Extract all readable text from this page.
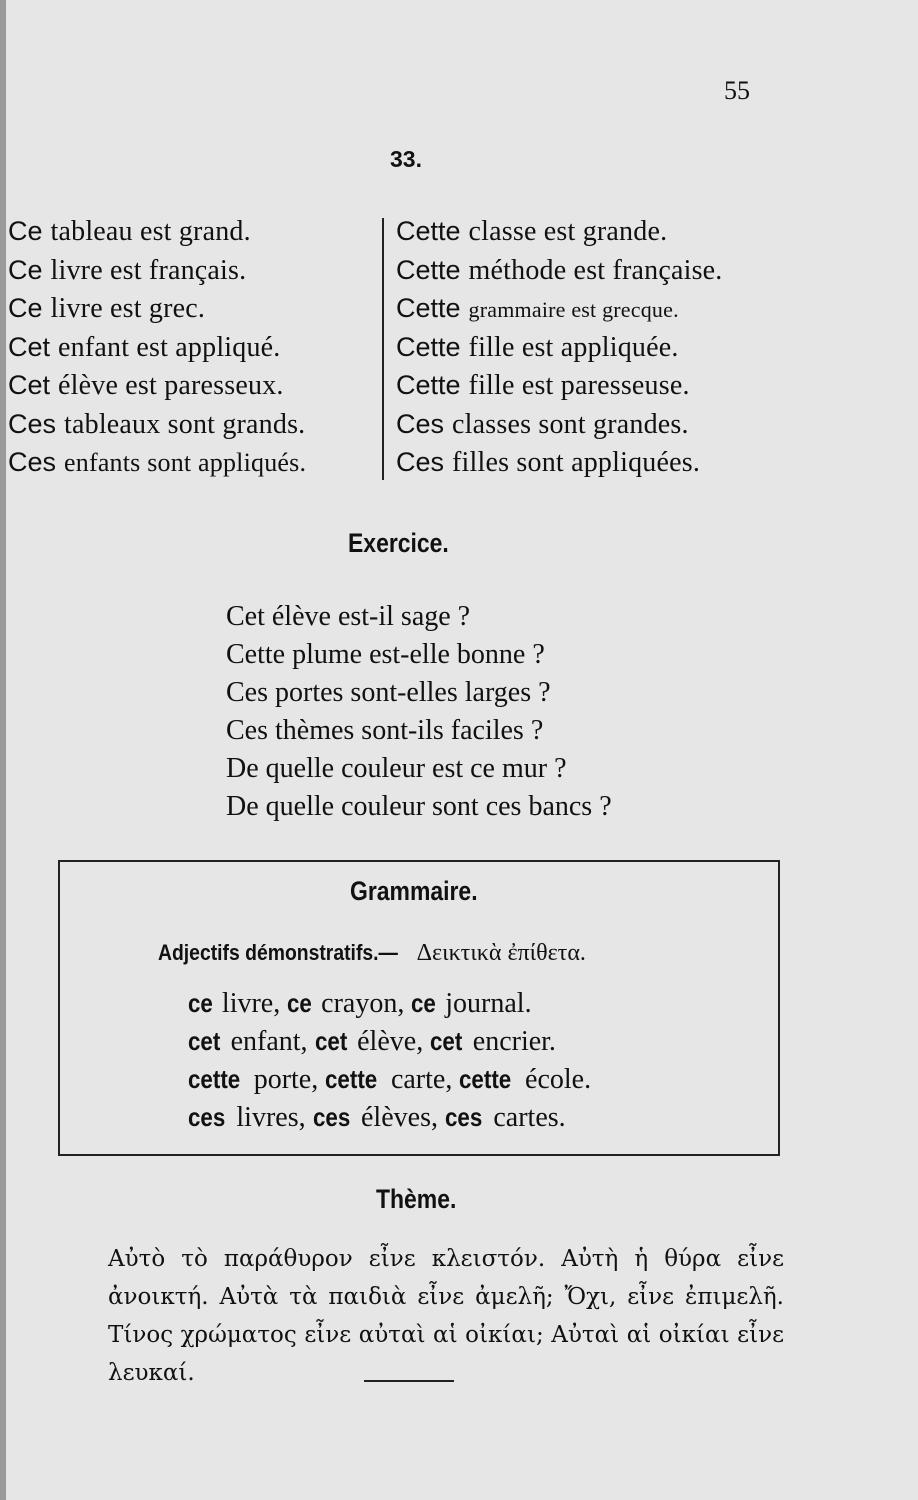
55
33.
Ce tableau est grand.
Ce livre est français.
Ce livre est grec.
Cet enfant est appliqué.
Cet élève est paresseux.
Ces tableaux sont grands.
Ces enfants sont appliqués.
Cette classe est grande.
Cette méthode est française.
Cette grammaire est grecque.
Cette fille est appliquée.
Cette fille est paresseuse.
Ces classes sont grandes.
Ces filles sont appliquées.
Exercice.
Cet élève est-il sage ?
Cette plume est-elle bonne ?
Ces portes sont-elles larges ?
Ces thèmes sont-ils faciles ?
De quelle couleur est ce mur ?
De quelle couleur sont ces bancs ?
Grammaire.
Adjectifs démonstratifs.— Δεικτικὰ ἐπίθετα.
ce livre, ce crayon, ce journal.
cet enfant, cet élève, cet encrier.
cette porte, cette carte, cette école.
ces livres, ces élèves, ces cartes.
Thème.
Αὐτὸ τὸ παράθυρον εἶνε κλειστόν. Αὐτὴ ἡ θύρα εἶνε ἀνοικτή. Αὐτὰ τὰ παιδιὰ εἶνε ἀμελῆ; Ὄχι, εἶνε ἐπιμελῆ. Τίνος χρώματος εἶνε αὐταὶ αἱ οἰκίαι; Αὐταὶ αἱ οἰκίαι εἶνε λευκαί.
